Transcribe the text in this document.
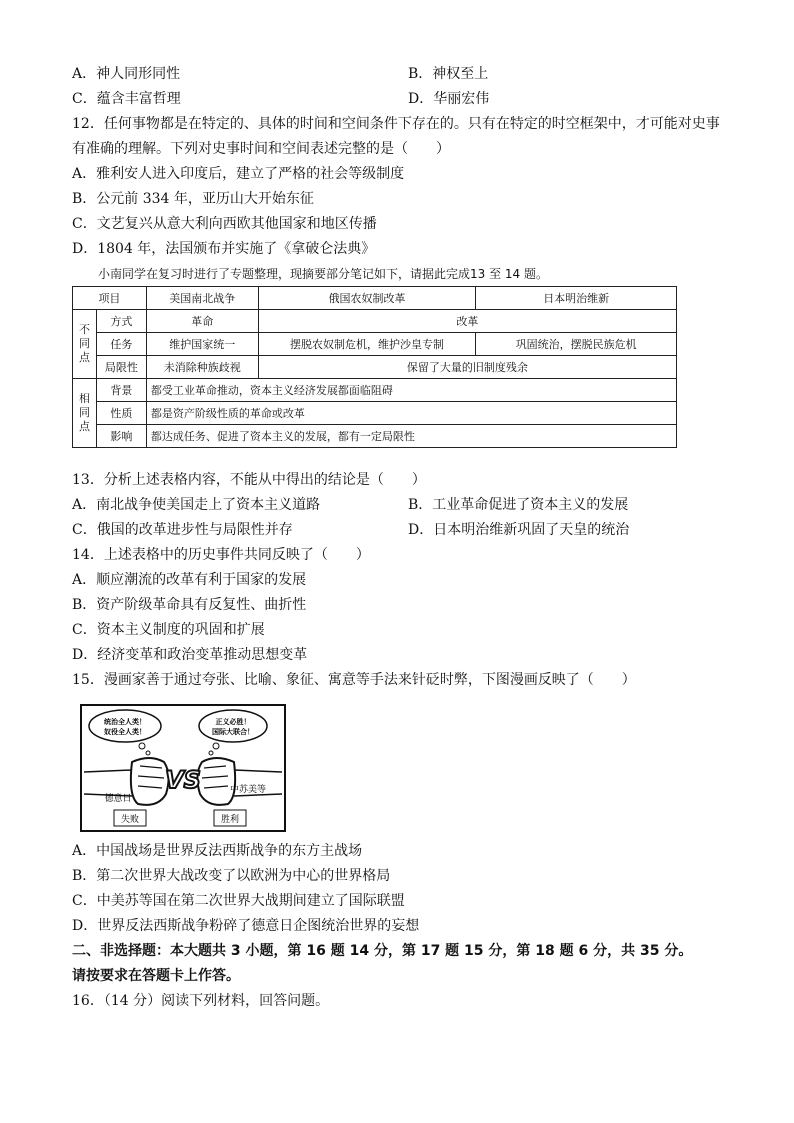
A．神人同形同性	B．神权至上
C．蕴含丰富哲理	D．华丽宏伟
12．任何事物都是在特定的、具体的时间和空间条件下存在的。只有在特定的时空框架中，才可能对史事
有准确的理解。下列对史事时间和空间表述完整的是（　　）
A．雅利安人进入印度后，建立了严格的社会等级制度
B．公元前 334 年，亚历山大开始东征
C．文艺复兴从意大利向西欧其他国家和地区传播
D．1804 年，法国颁布并实施了《拿破仑法典》
小南同学在复习时进行了专题整理，现摘要部分笔记如下，请据此完成13 至 14 题。
项目		美国南北战争	俄国农奴制改革	日本明治维新
不同点	方式	革命	改革	
	任务	维护国家统一	摆脱农奴制危机，维护沙皇专制	巩固统治，摆脱民族危机
	局限性	未消除种族歧视	保留了大量的旧制度残余	
相同点	背景	都受工业革命推动，资本主义经济发展都面临阻碍		
	性质	都是资产阶级性质的革命或改革		
	影响	都达成任务、促进了资本主义的发展，都有一定局限性		
13．分析上述表格内容，不能从中得出的结论是（　　）
A．南北战争使美国走上了资本主义道路	B．工业革命促进了资本主义的发展
C．俄国的改革进步性与局限性并存	D．日本明治维新巩固了天皇的统治
14．上述表格中的历史事件共同反映了（　　）
A．顺应潮流的改革有利于国家的发展
B．资产阶级革命具有反复性、曲折性
C．资本主义制度的巩固和扩展
D．经济变革和政治变革推动思想变革
15．漫画家善于通过夸张、比喻、象征、寓意等手法来针砭时弊，下图漫画反映了（　　）
统治全人类！
奴役全人类！
正义必胜！
国际大联合！
VS
德意日
中苏美等
失败	胜利
A．中国战场是世界反法西斯战争的东方主战场
B．第二次世界大战改变了以欧洲为中心的世界格局
C．中美苏等国在第二次世界大战期间建立了国际联盟
D．世界反法西斯战争粉碎了德意日企图统治世界的妄想
二、非选择题：本大题共 3 小题，第 16 题 14 分，第 17 题 15 分，第 18 题 6 分，共 35 分。
请按要求在答题卡上作答。
16．（14 分）阅读下列材料，回答问题。
